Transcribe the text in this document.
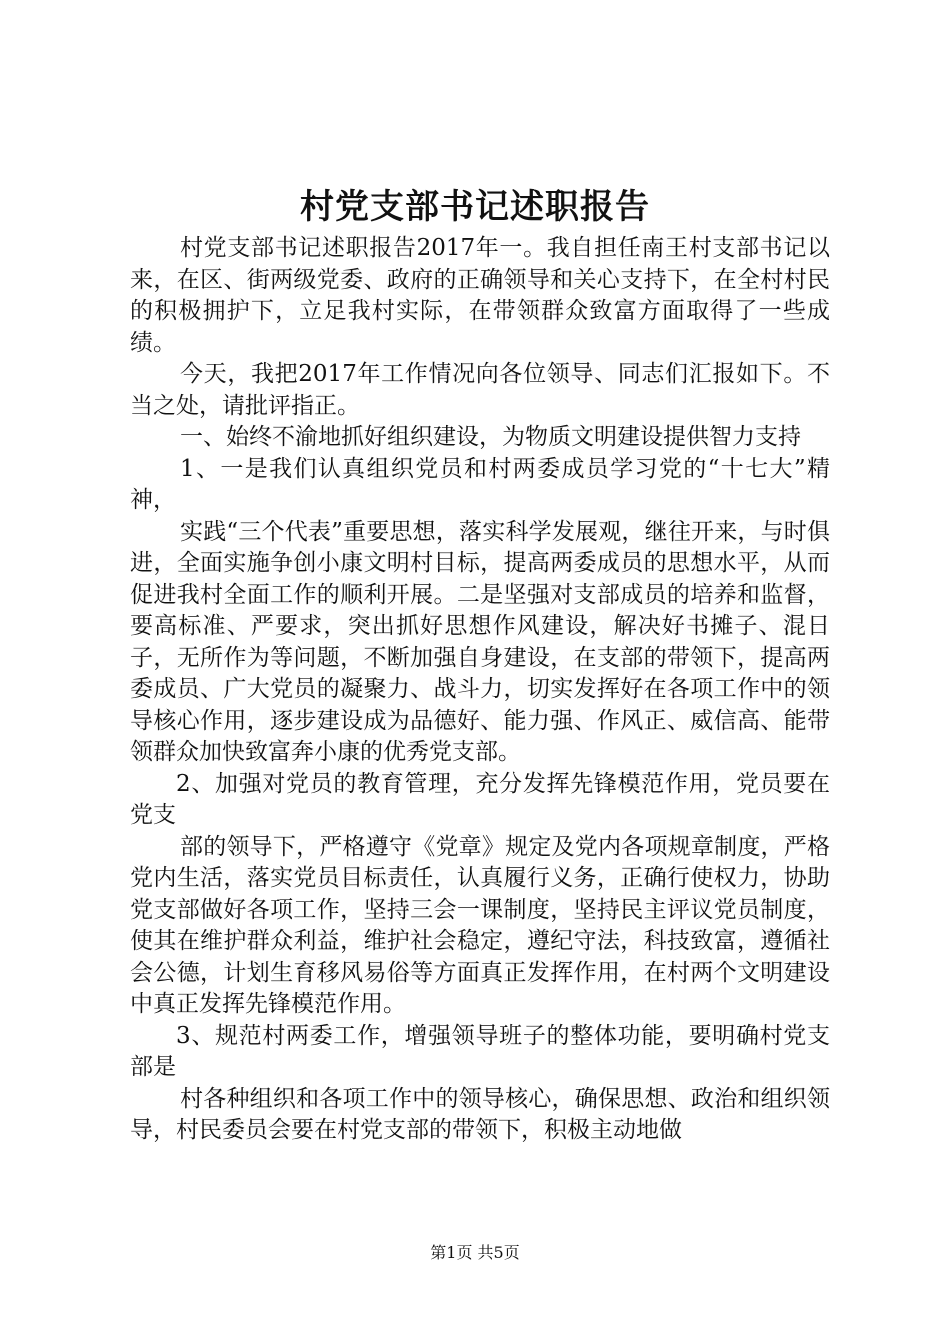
村党支部书记述职报告

村党支部书记述职报告2017年一。我自担任南王村支部书记以来，在区、街两级党委、政府的正确领导和关心支持下，在全村村民的积极拥护下，立足我村实际，在带领群众致富方面取得了一些成绩。

今天，我把2017年工作情况向各位领导、同志们汇报如下。不当之处，请批评指正。

一、始终不渝地抓好组织建设，为物质文明建设提供智力支持

1、一是我们认真组织党员和村两委成员学习党的“十七大”精神，

实践“三个代表”重要思想，落实科学发展观，继往开来，与时俱进，全面实施争创小康文明村目标，提高两委成员的思想水平，从而促进我村全面工作的顺利开展。二是坚强对支部成员的培养和监督，要高标准、严要求，突出抓好思想作风建设，解决好书摊子、混日子，无所作为等问题，不断加强自身建设，在支部的带领下，提高两委成员、广大党员的凝聚力、战斗力，切实发挥好在各项工作中的领导核心作用，逐步建设成为品德好、能力强、作风正、威信高、能带领群众加快致富奔小康的优秀党支部。

2、加强对党员的教育管理，充分发挥先锋模范作用，党员要在党支

部的领导下，严格遵守《党章》规定及党内各项规章制度，严格党内生活，落实党员目标责任，认真履行义务，正确行使权力，协助党支部做好各项工作，坚持三会一课制度，坚持民主评议党员制度，使其在维护群众利益，维护社会稳定，遵纪守法，科技致富，遵循社会公德，计划生育移风易俗等方面真正发挥作用，在村两个文明建设中真正发挥先锋模范作用。

3、规范村两委工作，增强领导班子的整体功能，要明确村党支部是

村各种组织和各项工作中的领导核心，确保思想、政治和组织领导，村民委员会要在村党支部的带领下，积极主动地做

第1页 共5页
